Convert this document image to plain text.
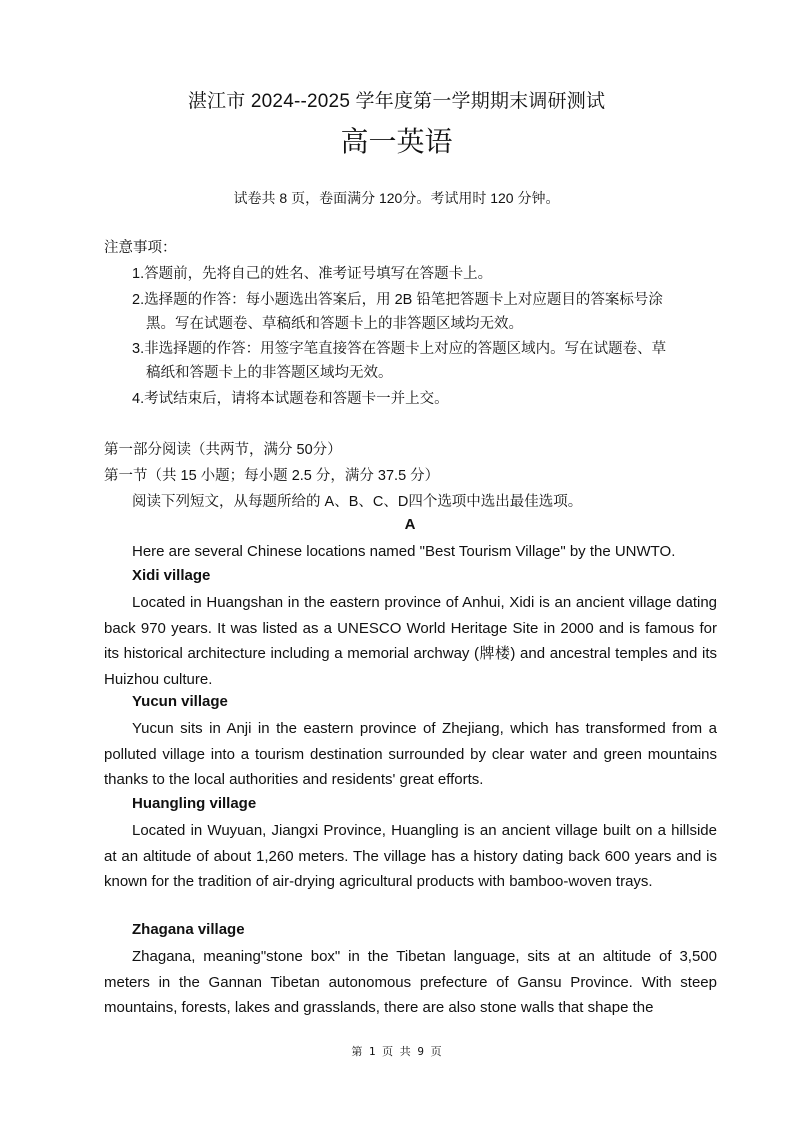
湛江市 2024--2025 学年度第一学期期末调研测试
高一英语
试卷共 8 页，卷面满分 120分。考试用时 120 分钟。
注意事项：
1.答题前，先将自己的姓名、准考证号填写在答题卡上。
2.选择题的作答：每小题选出答案后，用 2B 铅笔把答题卡上对应题目的答案标号涂
黑。写在试题卷、草稿纸和答题卡上的非答题区域均无效。
3.非选择题的作答：用签字笔直接答在答题卡上对应的答题区域内。写在试题卷、草
稿纸和答题卡上的非答题区域均无效。
4.考试结束后，请将本试题卷和答题卡一并上交。
第一部分阅读（共两节，满分 50分）
第一节（共 15 小题；每小题 2.5 分，满分 37.5 分）
阅读下列短文，从每题所给的 A、B、C、D四个选项中选出最佳选项。
A
Here are several Chinese locations named "Best Tourism Village" by the UNWTO.
Xidi village
Located in Huangshan in the eastern province of Anhui, Xidi is an ancient village dating back 970 years. It was listed as a UNESCO World Heritage Site in 2000 and is famous for its historical architecture including a memorial archway (牌楼) and ancestral temples and its Huizhou culture.
Yucun village
Yucun sits in Anji in the eastern province of Zhejiang, which has transformed from a polluted village into a tourism destination surrounded by clear water and green mountains thanks to the local authorities and residents' great efforts.
Huangling village
Located in Wuyuan, Jiangxi Province, Huangling is an ancient village built on a hillside at an altitude of about 1,260 meters. The village has a history dating back 600 years and is known for the tradition of air-drying agricultural products with bamboo-woven trays.
Zhagana village
Zhagana, meaning"stone box" in the Tibetan language, sits at an altitude of 3,500 meters in the Gannan Tibetan autonomous prefecture of Gansu Province. With steep mountains, forests, lakes and grasslands, there are also stone walls that shape the
第 1 页 共 9 页
